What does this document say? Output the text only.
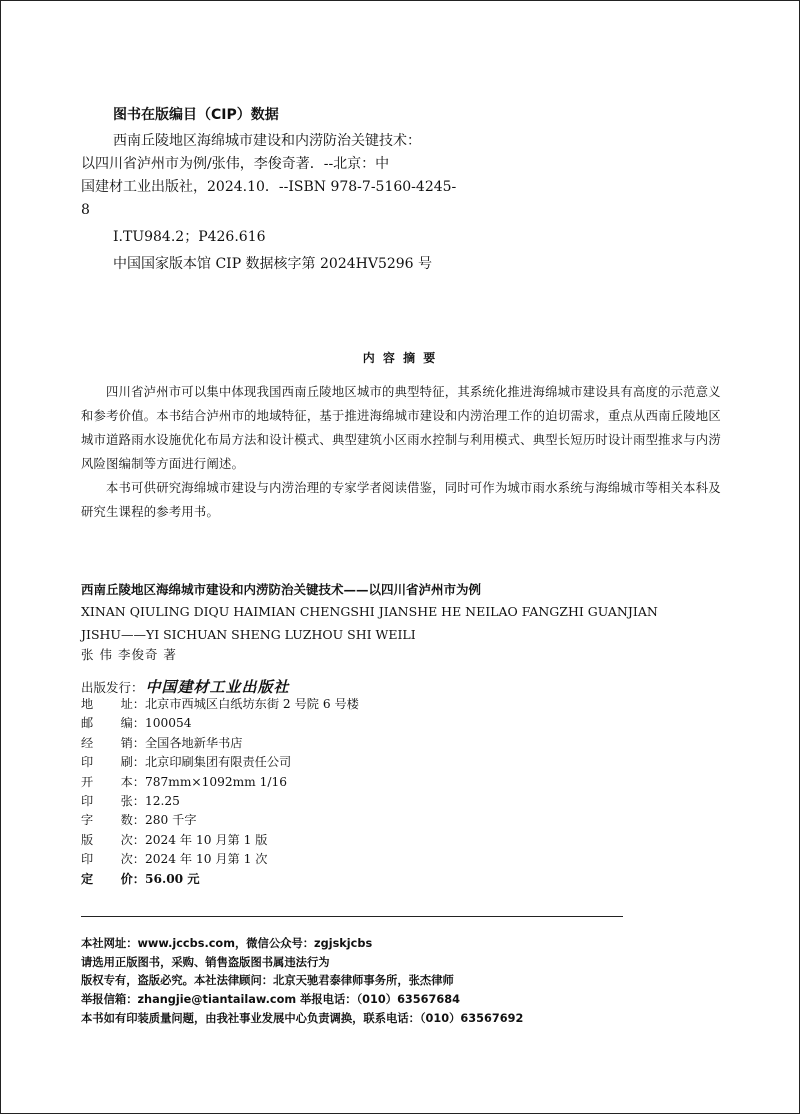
图书在版编目（CIP）数据

西南丘陵地区海绵城市建设和内涝防治关键技术：

以四川省泸州市为例/张伟，李俊奇著．--北京：中

国建材工业出版社，2024.10．--ISBN 978-7-5160-4245-

8

Ⅰ.TU984.2；P426.616

中国国家版本馆 CIP 数据核字第 2024HV5296 号

内 容 摘 要

四川省泸州市可以集中体现我国西南丘陵地区城市的典型特征，其系统化推进海绵城市建设具有高度的示范意义和参考价值。本书结合泸州市的地域特征，基于推进海绵城市建设和内涝治理工作的迫切需求，重点从西南丘陵地区城市道路雨水设施优化布局方法和设计模式、典型建筑小区雨水控制与利用模式、典型长短历时设计雨型推求与内涝风险图编制等方面进行阐述。

本书可供研究海绵城市建设与内涝治理的专家学者阅读借鉴，同时可作为城市雨水系统与海绵城市等相关本科及研究生课程的参考用书。

西南丘陵地区海绵城市建设和内涝防治关键技术——以四川省泸州市为例
XINAN QIULING DIQU HAIMIAN CHENGSHI JIANSHE HE NEILAO FANGZHI GUANJIAN
JISHU——YI SICHUAN SHENG LUZHOU SHI WEILI
张 伟 李俊奇 著
出版发行： 中国建材工业出版社
地 址： 北京市西城区白纸坊东街 2 号院 6 号楼
邮 编： 100054
经 销： 全国各地新华书店
印 刷： 北京印刷集团有限责任公司
开 本： 787mm×1092mm 1/16
印 张： 12.25
字 数： 280 千字
版 次： 2024 年 10 月第 1 版
印 次： 2024 年 10 月第 1 次
定 价： 56.00 元
本社网址：www.jccbs.com，微信公众号：zgjskjcbs
请选用正版图书，采购、销售盗版图书属违法行为
版权专有，盗版必究。本社法律顾问：北京天驰君泰律师事务所，张杰律师
举报信箱：zhangjie@tiantailaw.com 举报电话：（010）63567684
本书如有印装质量问题，由我社事业发展中心负责调换，联系电话：（010）63567692
